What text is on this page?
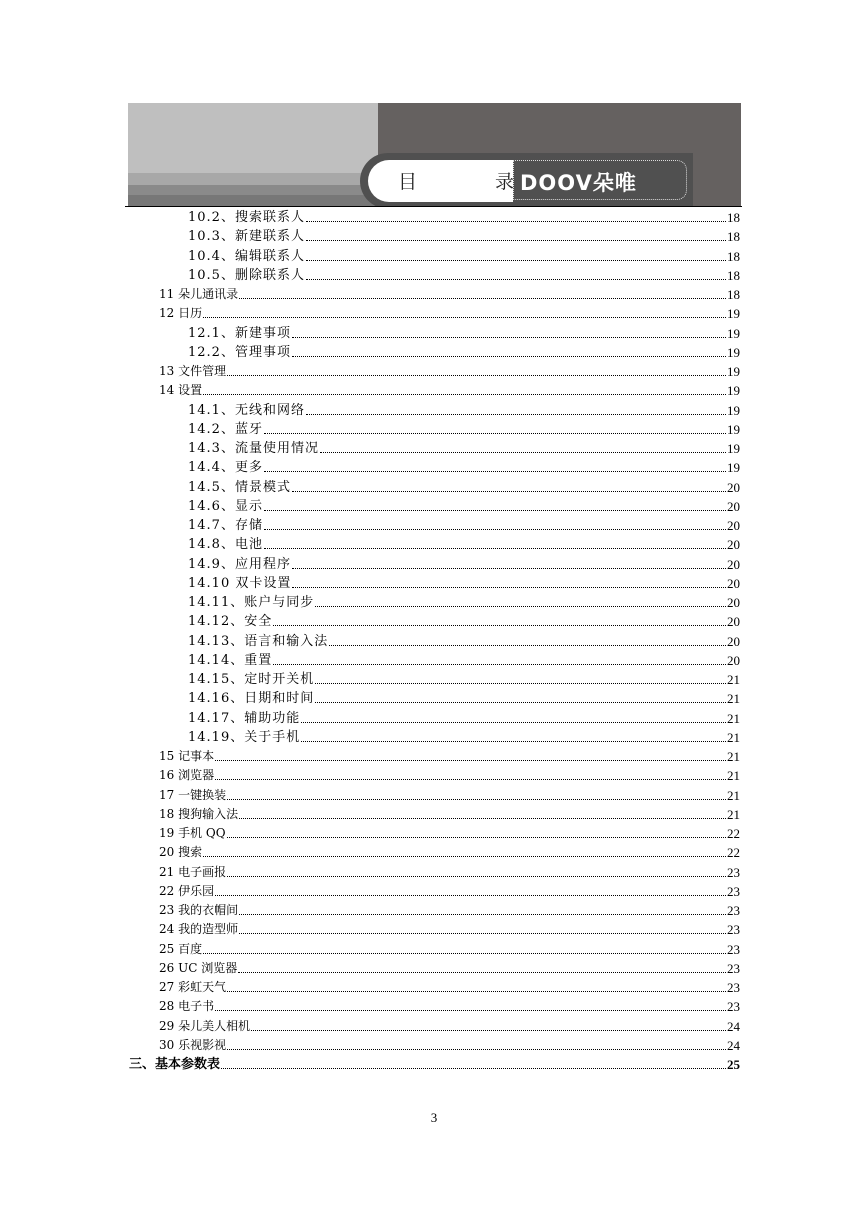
目 录
DOOV朵唯
10.2、搜索联系人	18
10.3、新建联系人	18
10.4、编辑联系人	18
10.5、删除联系人	18
11 朵儿通讯录	18
12 日历	19
12.1、新建事项	19
12.2、管理事项	19
13 文件管理	19
14 设置	19
14.1、无线和网络	19
14.2、蓝牙	19
14.3、流量使用情况	19
14.4、更多	19
14.5、情景模式	20
14.6、显示	20
14.7、存储	20
14.8、电池	20
14.9、应用程序	20
14.10 双卡设置	20
14.11、账户与同步	20
14.12、安全	20
14.13、语言和输入法	20
14.14、重置	20
14.15、定时开关机	21
14.16、日期和时间	21
14.17、辅助功能	21
14.19、关于手机	21
15 记事本	21
16 浏览器	21
17 一键换装	21
18 搜狗输入法	21
19 手机 QQ	22
20 搜索	22
21 电子画报	23
22 伊乐园	23
23 我的衣帽间	23
24 我的造型师	23
25 百度	23
26 UC 浏览器	23
27 彩虹天气	23
28 电子书	23
29 朵儿美人相机	24
30 乐视影视	24
三、基本参数表	25
3
